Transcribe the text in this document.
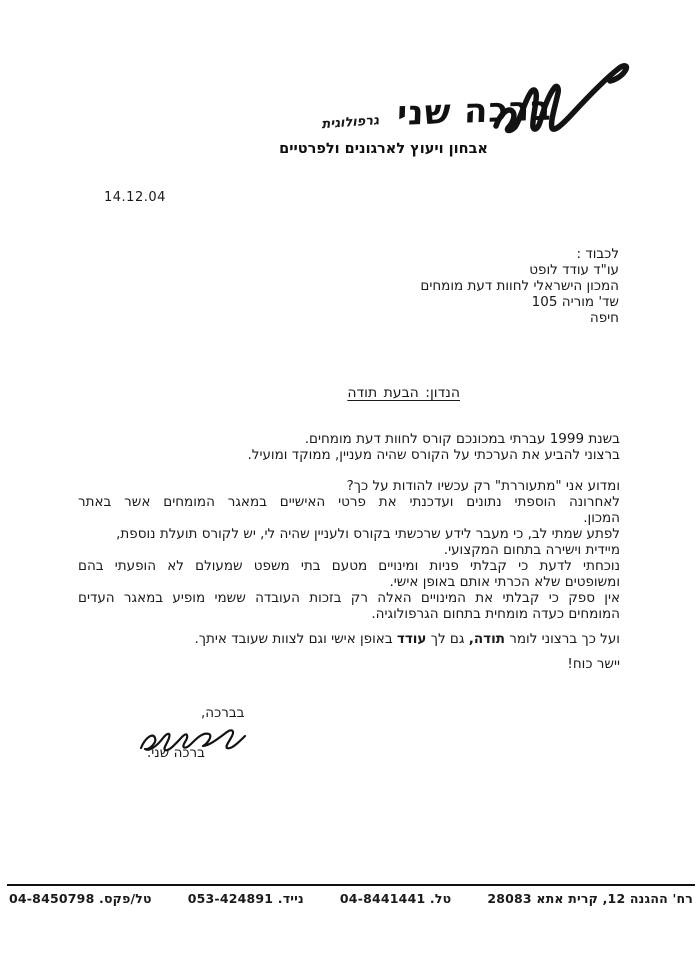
ברכה שני
גרפולוגית
אבחון ויעוץ לארגונים ולפרטיים
14.12.04
לכבוד :
עו"ד עודד לופט
המכון הישראלי לחוות דעת מומחים
שד' מוריה 105
חיפה
הנדון: הבעת תודה
בשנת 1999 עברתי במכונכם קורס לחוות דעת מומחים.
ברצוני להביע את הערכתי על הקורס שהיה מעניין, ממוקד ומועיל.
ומדוע אני "מתעוררת" רק עכשיו להודות על כך?
לאחרונה הוספתי נתונים ועדכנתי את פרטי האישיים במאגר המומחים אשר באתר
המכון.
לפתע שמתי לב, כי מעבר לידע שרכשתי בקורס ולעניין שהיה לי, יש לקורס תועלת נוספת,
מיידית וישירה בתחום המקצועי.
נוכחתי לדעת כי קבלתי פניות ומינויים מטעם בתי משפט שמעולם לא הופעתי בהם
ומשופטים שלא הכרתי אותם באופן אישי.
אין ספק כי קבלתי את המינויים האלה רק בזכות העובדה ששמי מופיע במאגר העדים
המומחים כעדה מומחית בתחום הגרפולוגיה.
ועל כך ברצוני לומר תודה, גם לך עודד באופן אישי וגם לצוות שעובד איתך.
יישר כוח!
בברכה,
ברכה שני.
רח' ההגנה 12, קרית אתא 28083
טל. 04-8441441
נייד. 053-424891
טל/פקס. 04-8450798
